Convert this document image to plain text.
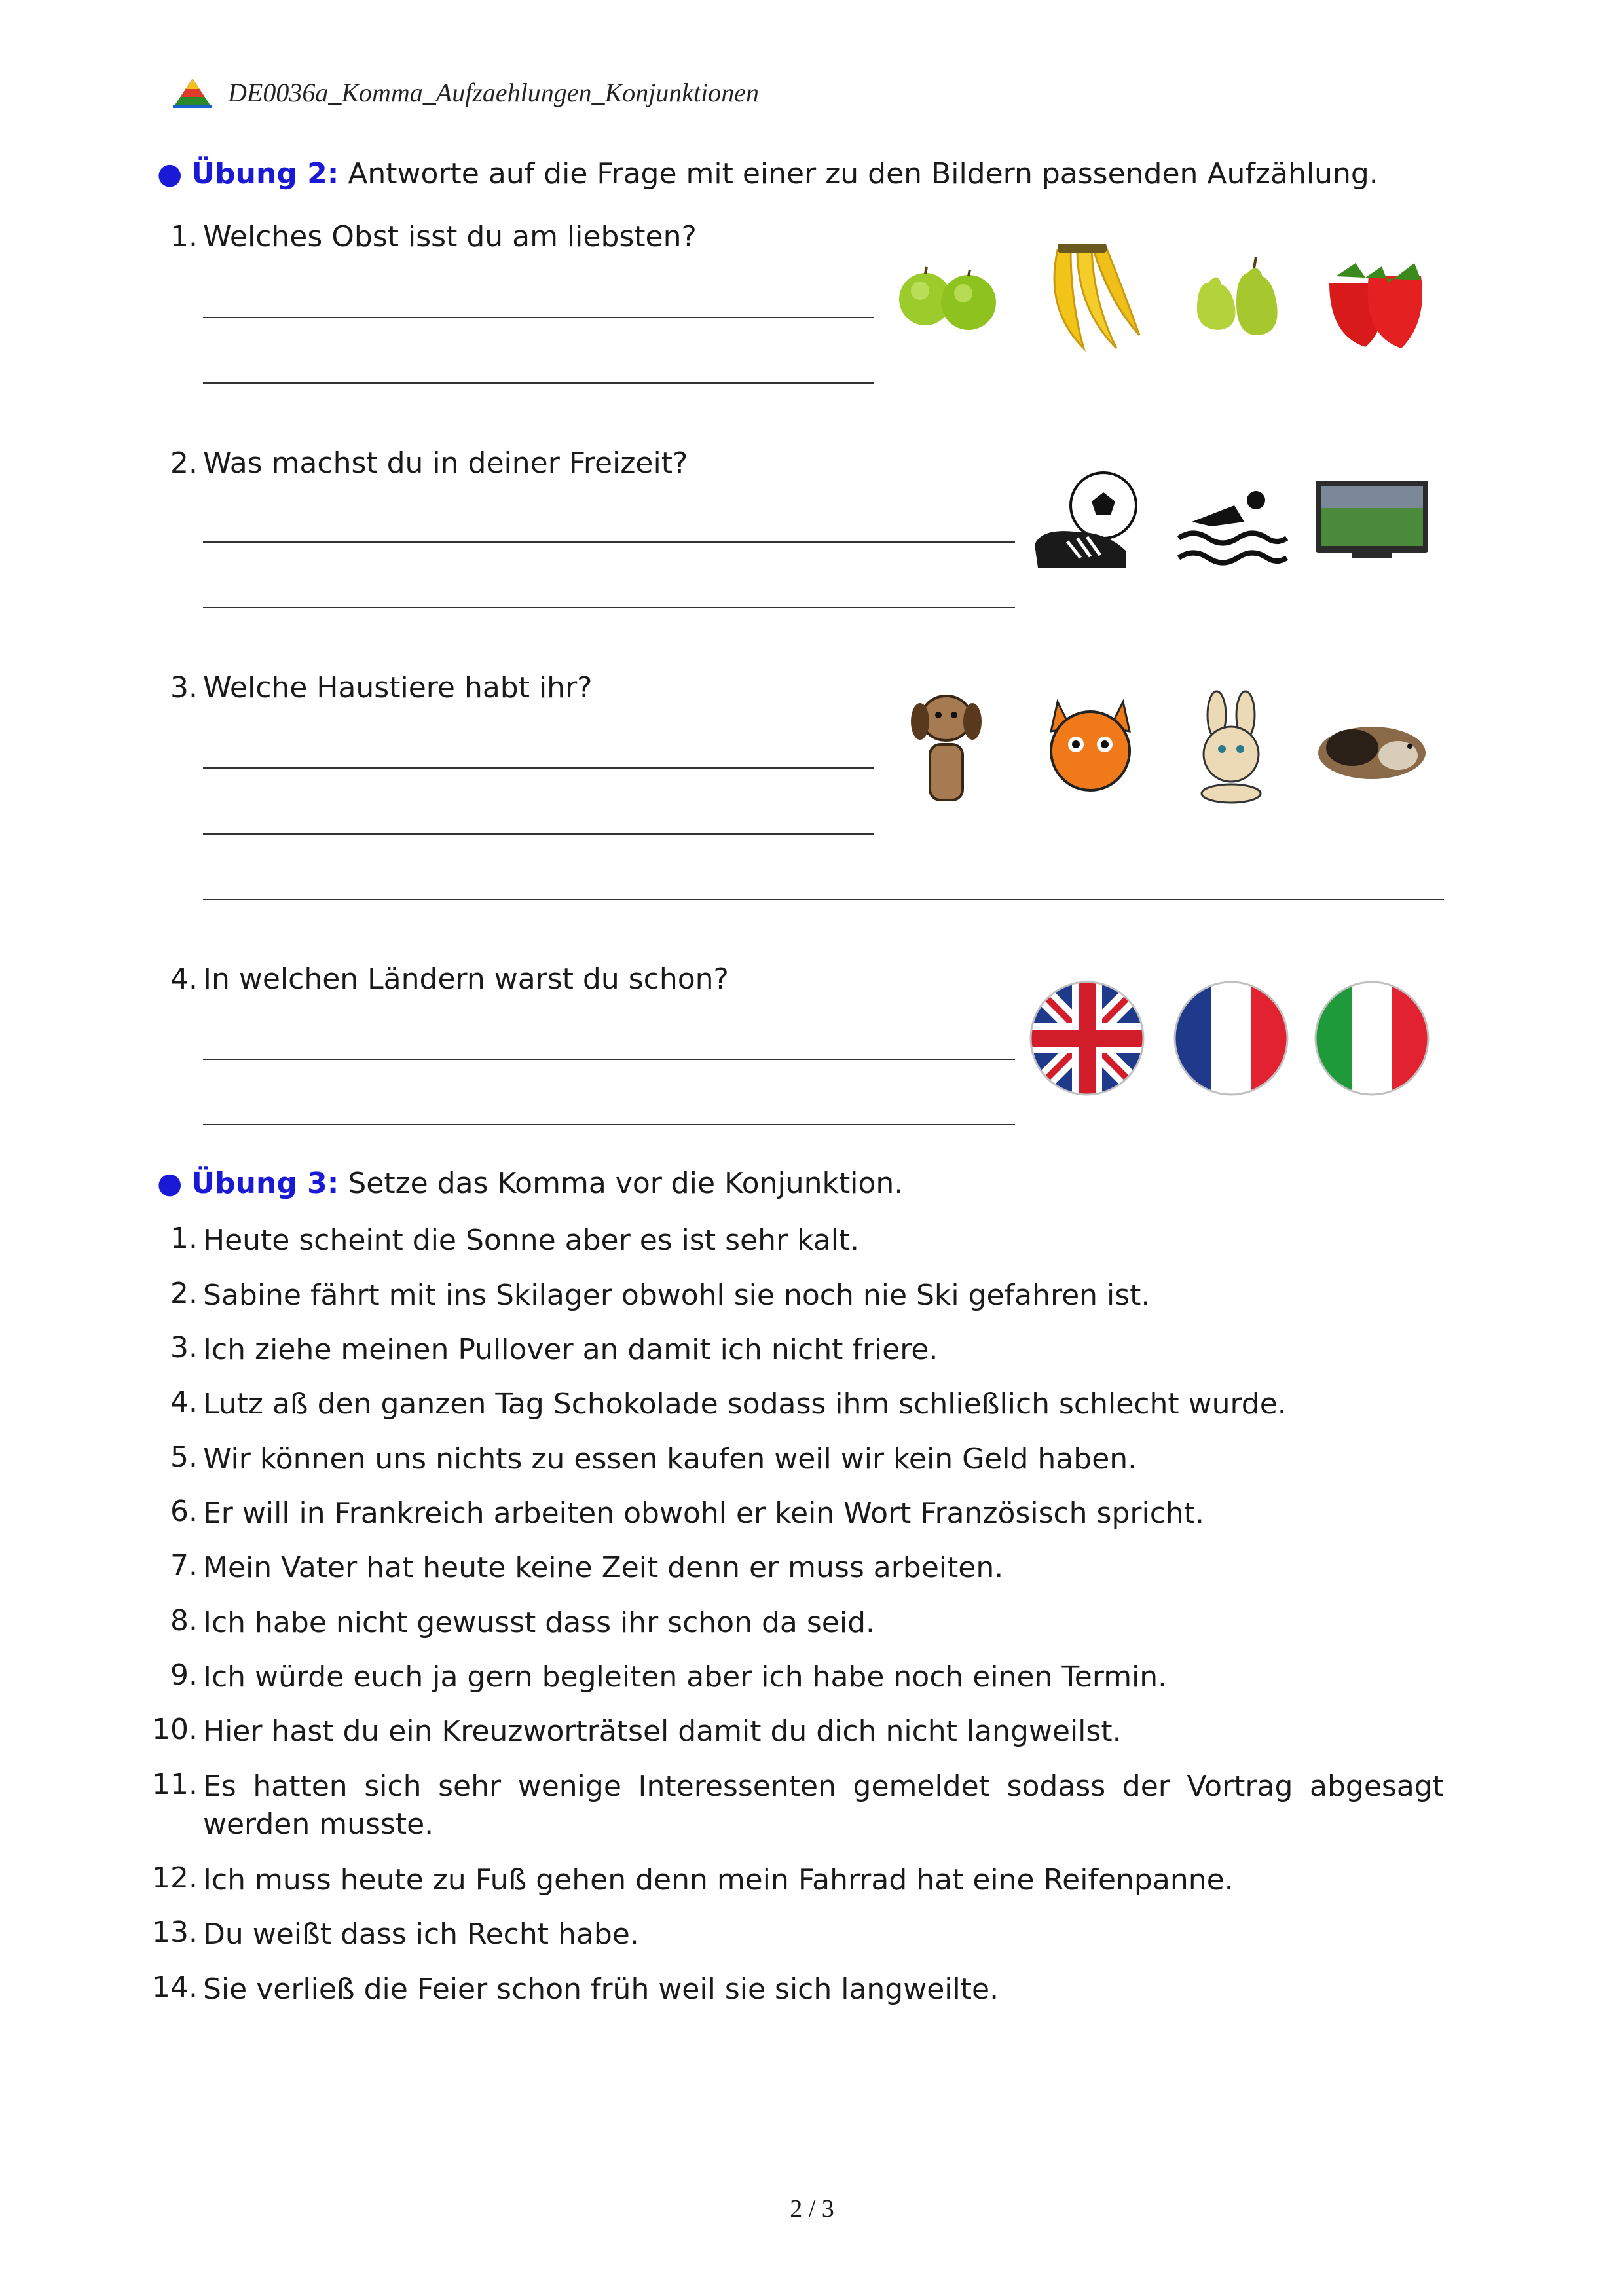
DE0036a_Komma_Aufzaehlungen_Konjunktionen
● Übung 2: Antworte auf die Frage mit einer zu den Bildern passenden Aufzählung.
1. Welches Obst isst du am liebsten?
2. Was machst du in deiner Freizeit?
3. Welche Haustiere habt ihr?
4. In welchen Ländern warst du schon?
● Übung 3: Setze das Komma vor die Konjunktion.
1. Heute scheint die Sonne aber es ist sehr kalt.
2. Sabine fährt mit ins Skilager obwohl sie noch nie Ski gefahren ist.
3. Ich ziehe meinen Pullover an damit ich nicht friere.
4. Lutz aß den ganzen Tag Schokolade sodass ihm schließlich schlecht wurde.
5. Wir können uns nichts zu essen kaufen weil wir kein Geld haben.
6. Er will in Frankreich arbeiten obwohl er kein Wort Französisch spricht.
7. Mein Vater hat heute keine Zeit denn er muss arbeiten.
8. Ich habe nicht gewusst dass ihr schon da seid.
9. Ich würde euch ja gern begleiten aber ich habe noch einen Termin.
10. Hier hast du ein Kreuzworträtsel damit du dich nicht langweilst.
11. Es hatten sich sehr wenige Interessenten gemeldet sodass der Vortrag abgesagt werden musste.
12. Ich muss heute zu Fuß gehen denn mein Fahrrad hat eine Reifenpanne.
13. Du weißt dass ich Recht habe.
14. Sie verließ die Feier schon früh weil sie sich langweilte.
2 / 3
